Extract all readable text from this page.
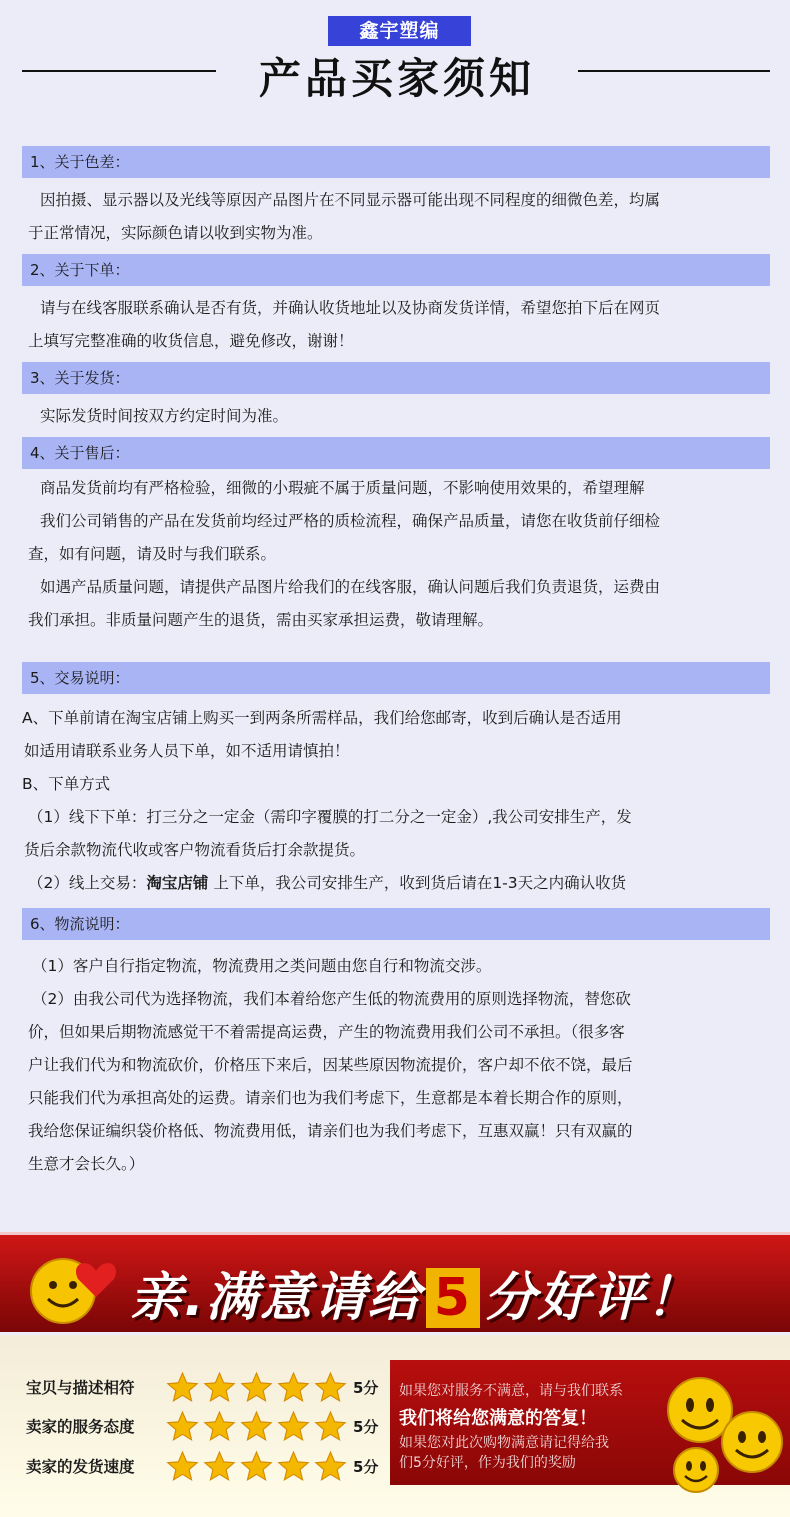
鑫宇塑编
产品买家须知
1、关于色差：

因拍摄、显示器以及光线等原因产品图片在不同显示器可能出现不同程度的细微色差，均属

于正常情况，实际颜色请以收到实物为准。

2、关于下单：

请与在线客服联系确认是否有货，并确认收货地址以及协商发货详情，希望您拍下后在网页

上填写完整准确的收货信息，避免修改，谢谢！

3、关于发货：

实际发货时间按双方约定时间为准。

4、关于售后：

商品发货前均有严格检验，细微的小瑕疵不属于质量问题，不影响使用效果的，希望理解

我们公司销售的产品在发货前均经过严格的质检流程，确保产品质量，请您在收货前仔细检

查，如有问题，请及时与我们联系。

如遇产品质量问题，请提供产品图片给我们的在线客服，确认问题后我们负责退货，运费由

我们承担。非质量问题产生的退货，需由买家承担运费，敬请理解。

5、交易说明：

A、下单前请在淘宝店铺上购买一到两条所需样品，我们给您邮寄，收到后确认是否适用

如适用请联系业务人员下单，如不适用请慎拍！

B、下单方式

（1）线下下单：打三分之一定金（需印字覆膜的打二分之一定金）,我公司安排生产，发

货后余款物流代收或客户物流看货后打余款提货。

（2）线上交易：淘宝店铺 上下单，我公司安排生产，收到货后请在1-3天之内确认收货

6、物流说明：

（1）客户自行指定物流，物流费用之类问题由您自行和物流交涉。

（2）由我公司代为选择物流，我们本着给您产生低的物流费用的原则选择物流，替您砍

价，但如果后期物流感觉干不着需提高运费，产生的物流费用我们公司不承担。（很多客

户让我们代为和物流砍价，价格压下来后，因某些原因物流提价，客户却不依不饶，最后

只能我们代为承担高处的运费。请亲们也为我们考虑下，生意都是本着长期合作的原则，

我给您保证编织袋价格低、物流费用低，请亲们也为我们考虑下，互惠双赢！只有双赢的

生意才会长久。）

亲.满意请给 5 分好评！
宝贝与描述相符	5分
卖家的服务态度	5分
卖家的发货速度	5分

如果您对服务不满意，请与我们联系

我们将给您满意的答复！

如果您对此次购物满意请记得给我

们5分好评，作为我们的奖励
